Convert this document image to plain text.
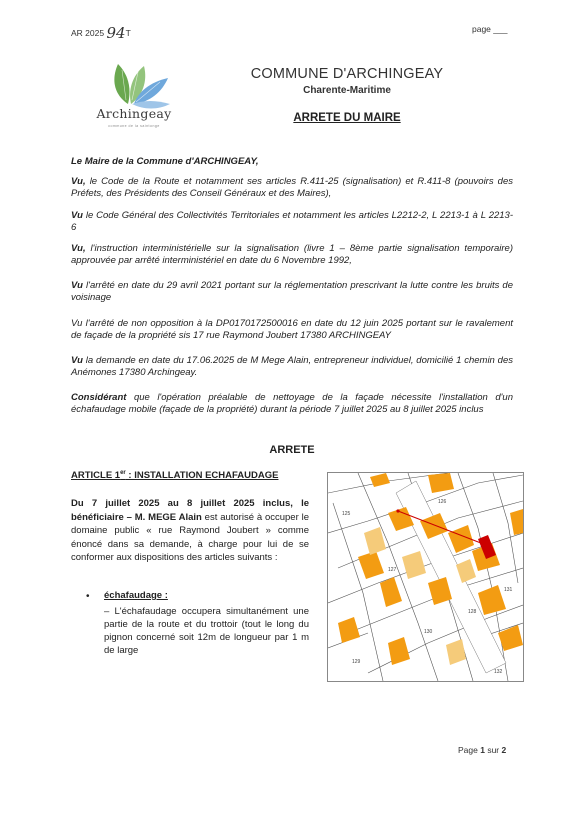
AR 2025 94T	page ___
Archingeay
commune de la saintonge
COMMUNE D'ARCHINGEAY
Charente-Maritime
ARRETE DU MAIRE
Le Maire de la Commune d'ARCHINGEAY,
Vu, le Code de la Route et notamment ses articles R.411-25 (signalisation) et R.411-8 (pouvoirs des Préfets, des Présidents des Conseil Généraux et des Maires),
Vu le Code Général des Collectivités Territoriales et notamment les articles L2212-2, L 2213-1 à L 2213-6
Vu, l'instruction interministérielle sur la signalisation (livre 1 – 8ème partie signalisation temporaire) approuvée par arrêté interministériel en date du 6 Novembre 1992,
Vu l'arrêté en date du 29 avril 2021 portant sur la réglementation prescrivant la lutte contre les bruits de voisinage
Vu l'arrêté de non opposition à la DP0170172500016 en date du 12 juin 2025 portant sur le ravalement de façade de la propriété sis 17 rue Raymond Joubert 17380 ARCHINGEAY
Vu la demande en date du 17.06.2025 de M Mege Alain, entrepreneur individuel, domicilié 1 chemin des Anémones 17380 Archingeay.
Considérant que l'opération préalable de nettoyage de la façade nécessite l'installation d'un échafaudage mobile (façade de la propriété) durant la période 7 juillet 2025 au 8 juillet 2025 inclus
ARRETE
ARTICLE 1er : INSTALLATION ECHAFAUDAGE
Du 7 juillet 2025 au 8 juillet 2025 inclus, le bénéficiaire – M. MEGE Alain est autorisé à occuper le domaine public « rue Raymond Joubert » comme énoncé dans sa demande, à charge pour lui de se conformer aux dispositions des articles suivants :
• échafaudage :
– L'échafaudage occupera simultanément une partie de la route et du trottoir (tout le long du pignon concerné soit 12m de longueur par 1 m de large
125
126
127
128
129
130
131
132
Page 1 sur 2
